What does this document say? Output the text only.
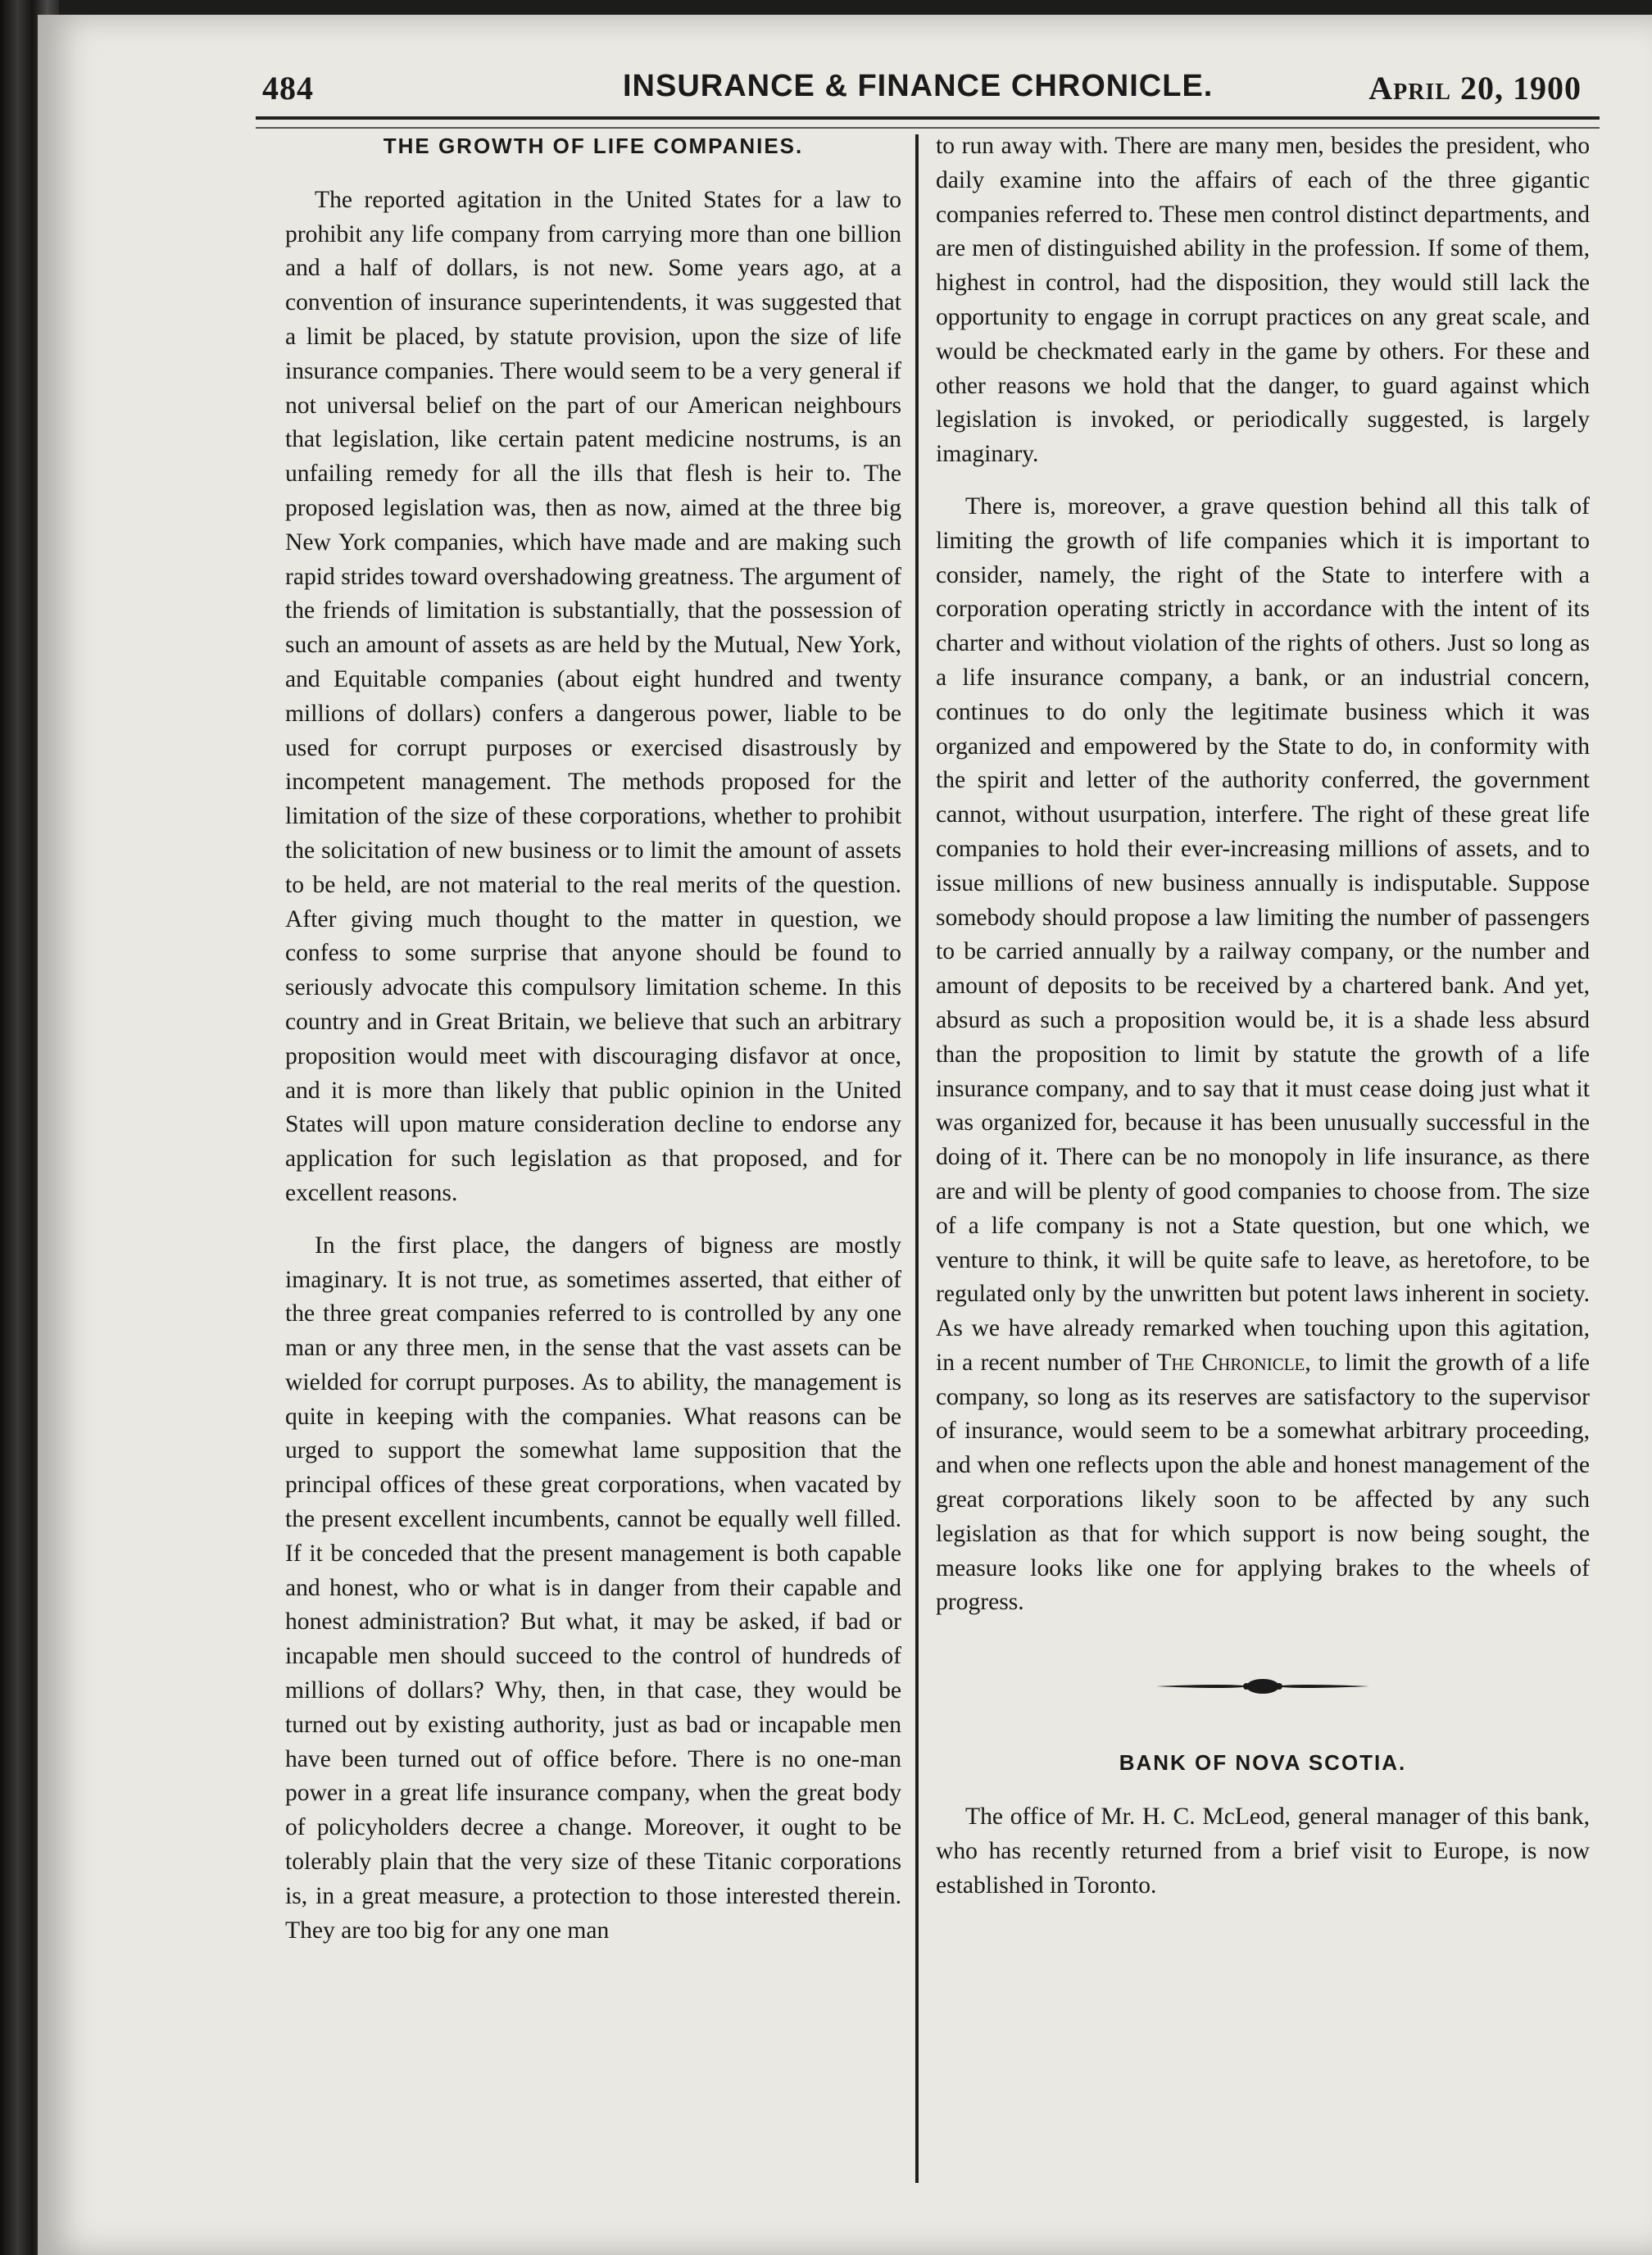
484	INSURANCE & FINANCE CHRONICLE.	April 20, 1900
THE GROWTH OF LIFE COMPANIES.

The reported agitation in the United States for a law to prohibit any life company from carrying more than one billion and a half of dollars, is not new. Some years ago, at a convention of insurance superintendents, it was suggested that a limit be placed, by statute provision, upon the size of life insurance companies. There would seem to be a very general if not universal belief on the part of our American neighbours that legislation, like certain patent medicine nostrums, is an unfailing remedy for all the ills that flesh is heir to. The proposed legislation was, then as now, aimed at the three big New York companies, which have made and are making such rapid strides toward overshadowing greatness. The argument of the friends of limitation is substantially, that the possession of such an amount of assets as are held by the Mutual, New York, and Equitable companies (about eight hundred and twenty millions of dollars) confers a dangerous power, liable to be used for corrupt purposes or exercised disastrously by incompetent management. The methods proposed for the limitation of the size of these corporations, whether to prohibit the solicitation of new business or to limit the amount of assets to be held, are not material to the real merits of the question. After giving much thought to the matter in question, we confess to some surprise that anyone should be found to seriously advocate this compulsory limitation scheme. In this country and in Great Britain, we believe that such an arbitrary proposition would meet with discouraging disfavor at once, and it is more than likely that public opinion in the United States will upon mature consideration decline to endorse any application for such legislation as that proposed, and for excellent reasons.

In the first place, the dangers of bigness are mostly imaginary. It is not true, as sometimes asserted, that either of the three great companies referred to is controlled by any one man or any three men, in the sense that the vast assets can be wielded for corrupt purposes. As to ability, the management is quite in keeping with the companies. What reasons can be urged to support the somewhat lame supposition that the principal offices of these great corporations, when vacated by the present excellent incumbents, cannot be equally well filled. If it be conceded that the present management is both capable and honest, who or what is in danger from their capable and honest administration? But what, it may be asked, if bad or incapable men should succeed to the control of hundreds of millions of dollars? Why, then, in that case, they would be turned out by existing authority, just as bad or incapable men have been turned out of office before. There is no one-man power in a great life insurance company, when the great body of policyholders decree a change. Moreover, it ought to be tolerably plain that the very size of these Titanic corporations is, in a great measure, a protection to those interested therein. They are too big for any one man

to run away with. There are many men, besides the president, who daily examine into the affairs of each of the three gigantic companies referred to. These men control distinct departments, and are men of distinguished ability in the profession. If some of them, highest in control, had the disposition, they would still lack the opportunity to engage in corrupt practices on any great scale, and would be checkmated early in the game by others. For these and other reasons we hold that the danger, to guard against which legislation is invoked, or periodically suggested, is largely imaginary.

There is, moreover, a grave question behind all this talk of limiting the growth of life companies which it is important to consider, namely, the right of the State to interfere with a corporation operating strictly in accordance with the intent of its charter and without violation of the rights of others. Just so long as a life insurance company, a bank, or an industrial concern, continues to do only the legitimate business which it was organized and empowered by the State to do, in conformity with the spirit and letter of the authority conferred, the government cannot, without usurpation, interfere. The right of these great life companies to hold their ever-increasing millions of assets, and to issue millions of new business annually is indisputable. Suppose somebody should propose a law limiting the number of passengers to be carried annually by a railway company, or the number and amount of deposits to be received by a chartered bank. And yet, absurd as such a proposition would be, it is a shade less absurd than the proposition to limit by statute the growth of a life insurance company, and to say that it must cease doing just what it was organized for, because it has been unusually successful in the doing of it. There can be no monopoly in life insurance, as there are and will be plenty of good companies to choose from. The size of a life company is not a State question, but one which, we venture to think, it will be quite safe to leave, as heretofore, to be regulated only by the unwritten but potent laws inherent in society. As we have already remarked when touching upon this agitation, in a recent number of The Chronicle, to limit the growth of a life company, so long as its reserves are satisfactory to the supervisor of insurance, would seem to be a somewhat arbitrary proceeding, and when one reflects upon the able and honest management of the great corporations likely soon to be affected by any such legislation as that for which support is now being sought, the measure looks like one for applying brakes to the wheels of progress.

BANK OF NOVA SCOTIA.

The office of Mr. H. C. McLeod, general manager of this bank, who has recently returned from a brief visit to Europe, is now established in Toronto.
